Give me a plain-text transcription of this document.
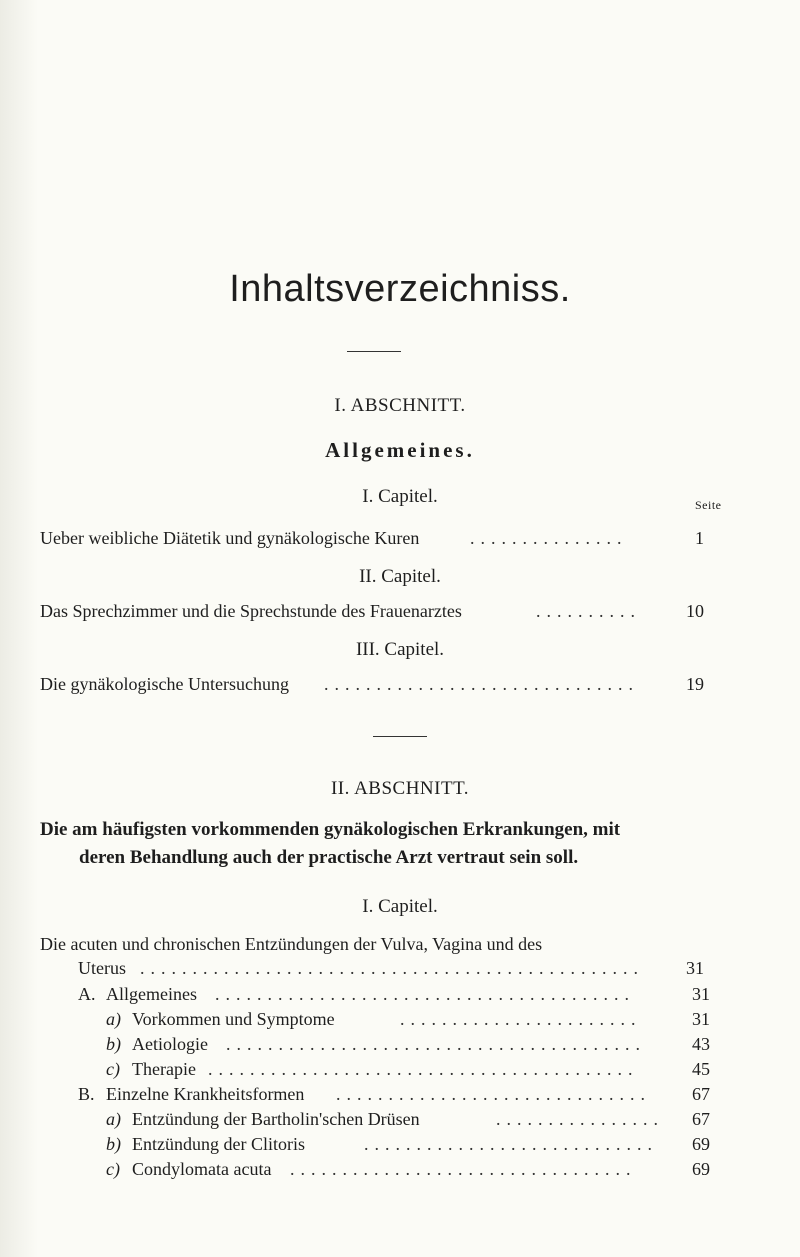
Inhaltsverzeichniss.
I. ABSCHNITT.
Allgemeines.
I. Capitel.	Seite
Ueber weibliche Diätetik und gynäkologische Kuren	...............	1
II. Capitel.
Das Sprechzimmer und die Sprechstunde des Frauenarztes	..........	10
III. Capitel.
Die gynäkologische Untersuchung ..............................	19
II. ABSCHNITT.
Die am häufigsten vorkommenden gynäkologischen Erkrankungen, mit
deren Behandlung auch der practische Arzt vertraut sein soll.
I. Capitel.
Die acuten und chronischen Entzündungen der Vulva, Vagina und des
Uterus ................................................	31
A. Allgemeines ........................................	31
a) Vorkommen und Symptome	.......................	31
b) Aetiologie ........................................	43
c) Therapie .........................................	45
B. Einzelne Krankheitsformen ..............................	67
a) Entzündung der Bartholin'schen Drüsen	................	67
b) Entzündung der Clitoris	............................	69
c) Condylomata acuta .................................	69
